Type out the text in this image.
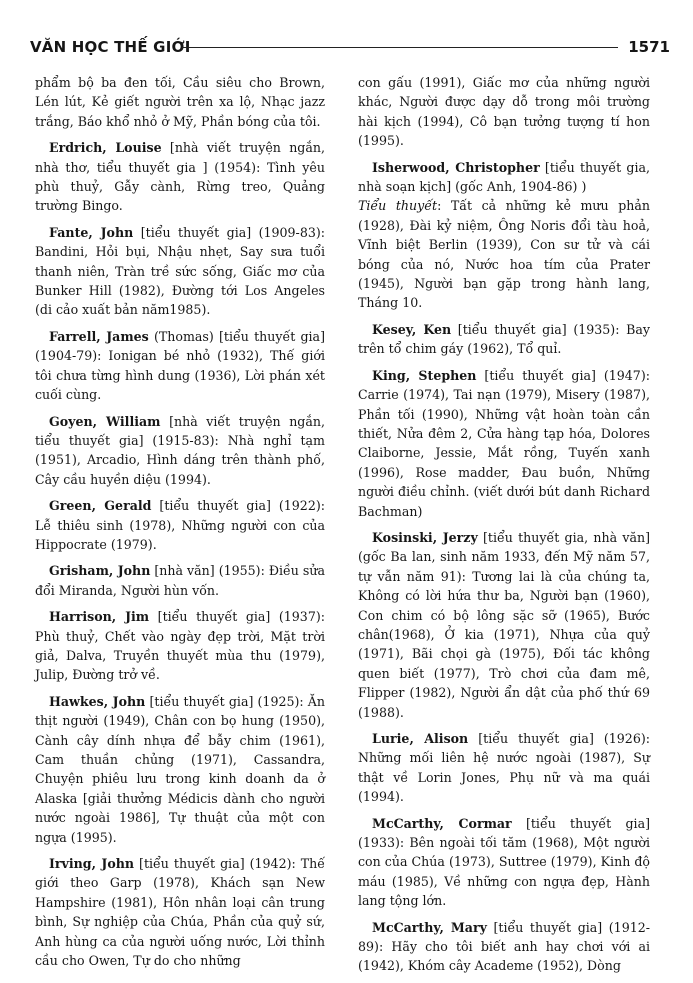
VĂN HỌC THẾ GIỚI	1571

phẩm bộ ba đen tối, Cầu siêu cho Brown, Lén lút, Kẻ giết người trên xa lộ, Nhạc jazz trắng, Báo khổ nhỏ ở Mỹ, Phần bóng của tôi.

Erdrich, Louise [nhà viết truyện ngắn, nhà thơ, tiểu thuyết gia ] (1954): Tình yêu phù thuỷ, Gẫy cành, Rừng treo, Quảng trường Bingo.

Fante, John [tiểu thuyết gia] (1909-83): Bandini, Hỏi bụi, Nhậu nhẹt, Say sưa tuổi thanh niên, Tràn trề sức sống, Giấc mơ của Bunker Hill (1982), Đường tới Los Angeles (di cảo xuất bản năm1985).

Farrell, James (Thomas) [tiểu thuyết gia] (1904-79): Ionigan bé nhỏ (1932), Thế giới tôi chưa từng hình dung (1936), Lời phán xét cuối cùng.

Goyen, William [nhà viết truyện ngắn, tiểu thuyết gia] (1915-83): Nhà nghỉ tạm (1951), Arcadio, Hình dáng trên thành phố, Cây cầu huyền diệu (1994).

Green, Gerald [tiểu thuyết gia] (1922): Lễ thiêu sinh (1978), Những người con của Hippocrate (1979).

Grisham, John [nhà văn] (1955): Điều sửa đổi Miranda, Người hùn vốn.

Harrison, Jim [tiểu thuyết gia] (1937): Phù thuỷ, Chết vào ngày đẹp trời, Mặt trời giả, Dalva, Truyền thuyết mùa thu (1979), Julip, Đường trở về.

Hawkes, John [tiểu thuyết gia] (1925): Ăn thịt người (1949), Chân con bọ hung (1950), Cành cây dính nhựa để bẫy chim (1961), Cam thuần chủng (1971), Cassandra, Chuyện phiêu lưu trong kinh doanh da ở Alaska [giải thưởng Médicis dành cho người nước ngoài 1986], Tự thuật của một con ngựa (1995).

Irving, John [tiểu thuyết gia] (1942): Thế giới theo Garp (1978), Khách sạn New Hampshire (1981), Hôn nhân loại cân trung bình, Sự nghiệp của Chúa, Phần của quỷ sứ, Anh hùng ca của người uống nước, Lời thỉnh cầu cho Owen, Tự do cho những

con gấu (1991), Giấc mơ của những người khác, Người được dạy dỗ trong môi trường hài kịch (1994), Cô bạn tưởng tượng tí hon (1995).

Isherwood, Christopher [tiểu thuyết gia, nhà soạn kịch] (gốc Anh, 1904-86) )
Tiểu thuyết: Tất cả những kẻ mưu phản (1928), Đài kỷ niệm, Ông Noris đổi tàu hoả, Vĩnh biệt Berlin (1939), Con sư tử và cái bóng của nó, Nước hoa tím của Prater (1945), Người bạn gặp trong hành lang, Tháng 10.

Kesey, Ken [tiểu thuyết gia] (1935): Bay trên tổ chim gáy (1962), Tổ quỉ.

King, Stephen [tiểu thuyết gia] (1947): Carrie (1974), Tai nạn (1979), Misery (1987), Phần tối (1990), Những vật hoàn toàn cần thiết, Nửa đêm 2, Cửa hàng tạp hóa, Dolores Claiborne, Jessie, Mắt rồng, Tuyến xanh (1996), Rose madder, Đau buồn, Những người điều chỉnh. (viết dưới bút danh Richard Bachman)

Kosinski, Jerzy [tiểu thuyết gia, nhà văn] (gốc Ba lan, sinh năm 1933, đến Mỹ năm 57, tự vẫn năm 91): Tương lai là của chúng ta, Không có lời hứa thư ba, Người bạn (1960), Con chim có bộ lông sặc sỡ (1965), Bước chân(1968), Ở kia (1971), Nhựa của quỷ (1971), Bãi chọi gà (1975), Đối tác không quen biết (1977), Trò chơi của đam mê, Flipper (1982), Người ẩn dật của phố thứ 69 (1988).

Lurie, Alison [tiểu thuyết gia] (1926): Những mối liên hệ nước ngoài (1987), Sự thật về Lorin Jones, Phụ nữ và ma quái (1994).

McCarthy, Cormar [tiểu thuyết gia] (1933): Bên ngoài tối tăm (1968), Một người con của Chúa (1973), Suttree (1979), Kinh độ máu (1985), Về những con ngựa đẹp, Hành lang tộng lớn.

McCarthy, Mary [tiểu thuyết gia] (1912-89): Hãy cho tôi biết anh hay chơi với ai (1942), Khóm cây Academe (1952), Dòng
